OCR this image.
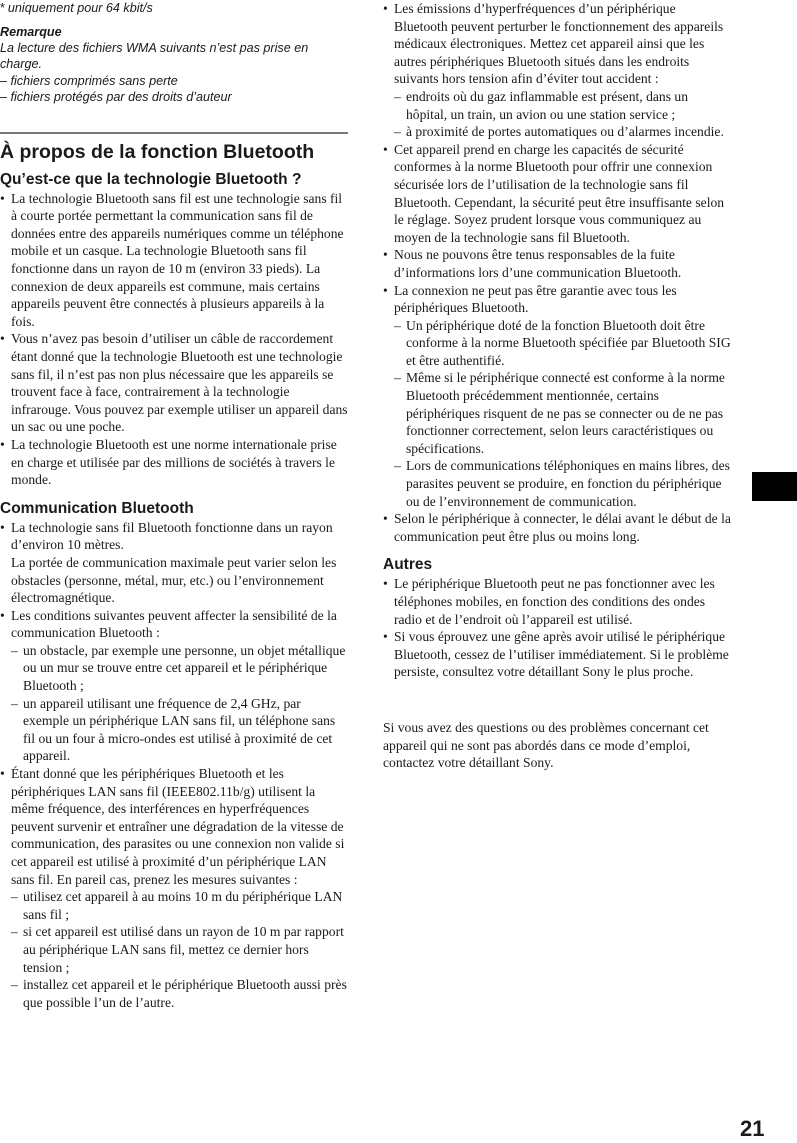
* uniquement pour 64 kbit/s

Remarque

La lecture des fichiers WMA suivants n’est pas prise en charge.

– fichiers comprimés sans perte

– fichiers protégés par des droits d’auteur

À propos de la fonction Bluetooth
Qu’est-ce que la technologie Bluetooth ?
• La technologie Bluetooth sans fil est une technologie sans fil à courte portée permettant la communication sans fil de données entre des appareils numériques comme un téléphone mobile et un casque. La technologie Bluetooth sans fil fonctionne dans un rayon de 10 m (environ 33 pieds). La connexion de deux appareils est commune, mais certains appareils peuvent être connectés à plusieurs appareils à la fois.
• Vous n’avez pas besoin d’utiliser un câble de raccordement étant donné que la technologie Bluetooth est une technologie sans fil, il n’est pas non plus nécessaire que les appareils se trouvent face à face, contrairement à la technologie infrarouge. Vous pouvez par exemple utiliser un appareil dans un sac ou une poche.
• La technologie Bluetooth est une norme internationale prise en charge et utilisée par des millions de sociétés à travers le monde.
Communication Bluetooth
• La technologie sans fil Bluetooth fonctionne dans un rayon d’environ 10 mètres.
La portée de communication maximale peut varier selon les obstacles (personne, métal, mur, etc.) ou l’environnement électromagnétique.
• Les conditions suivantes peuvent affecter la sensibilité de la communication Bluetooth :
– un obstacle, par exemple une personne, un objet métallique ou un mur se trouve entre cet appareil et le périphérique Bluetooth ;
– un appareil utilisant une fréquence de 2,4 GHz, par exemple un périphérique LAN sans fil, un téléphone sans fil ou un four à micro-ondes est utilisé à proximité de cet appareil.
• Étant donné que les périphériques Bluetooth et les périphériques LAN sans fil (IEEE802.11b/g) utilisent la même fréquence, des interférences en hyperfréquences peuvent survenir et entraîner une dégradation de la vitesse de communication, des parasites ou une connexion non valide si cet appareil est utilisé à proximité d’un périphérique LAN sans fil. En pareil cas, prenez les mesures suivantes :
– utilisez cet appareil à au moins 10 m du périphérique LAN sans fil ;
– si cet appareil est utilisé dans un rayon de 10 m par rapport au périphérique LAN sans fil, mettez ce dernier hors tension ;
– installez cet appareil et le périphérique Bluetooth aussi près que possible l’un de l’autre.
• Les émissions d’hyperfréquences d’un périphérique Bluetooth peuvent perturber le fonctionnement des appareils médicaux électroniques. Mettez cet appareil ainsi que les autres périphériques Bluetooth situés dans les endroits suivants hors tension afin d’éviter tout accident :
– endroits où du gaz inflammable est présent, dans un hôpital, un train, un avion ou une station service ;
– à proximité de portes automatiques ou d’alarmes incendie.
• Cet appareil prend en charge les capacités de sécurité conformes à la norme Bluetooth pour offrir une connexion sécurisée lors de l’utilisation de la technologie sans fil Bluetooth. Cependant, la sécurité peut être insuffisante selon le réglage. Soyez prudent lorsque vous communiquez au moyen de la technologie sans fil Bluetooth.
• Nous ne pouvons être tenus responsables de la fuite d’informations lors d’une communication Bluetooth.
• La connexion ne peut pas être garantie avec tous les périphériques Bluetooth.
– Un périphérique doté de la fonction Bluetooth doit être conforme à la norme Bluetooth spécifiée par Bluetooth SIG et être authentifié.
– Même si le périphérique connecté est conforme à la norme Bluetooth précédemment mentionnée, certains périphériques risquent de ne pas se connecter ou de ne pas fonctionner correctement, selon leurs caractéristiques ou spécifications.
– Lors de communications téléphoniques en mains libres, des parasites peuvent se produire, en fonction du périphérique ou de l’environnement de communication.
• Selon le périphérique à connecter, le délai avant le début de la communication peut être plus ou moins long.
Autres
• Le périphérique Bluetooth peut ne pas fonctionner avec les téléphones mobiles, en fonction des conditions des ondes radio et de l’endroit où l’appareil est utilisé.
• Si vous éprouvez une gêne après avoir utilisé le périphérique Bluetooth, cessez de l’utiliser immédiatement. Si le problème persiste, consultez votre détaillant Sony le plus proche.

Si vous avez des questions ou des problèmes concernant cet appareil qui ne sont pas abordés dans ce mode d’emploi, contactez votre détaillant Sony.

21
